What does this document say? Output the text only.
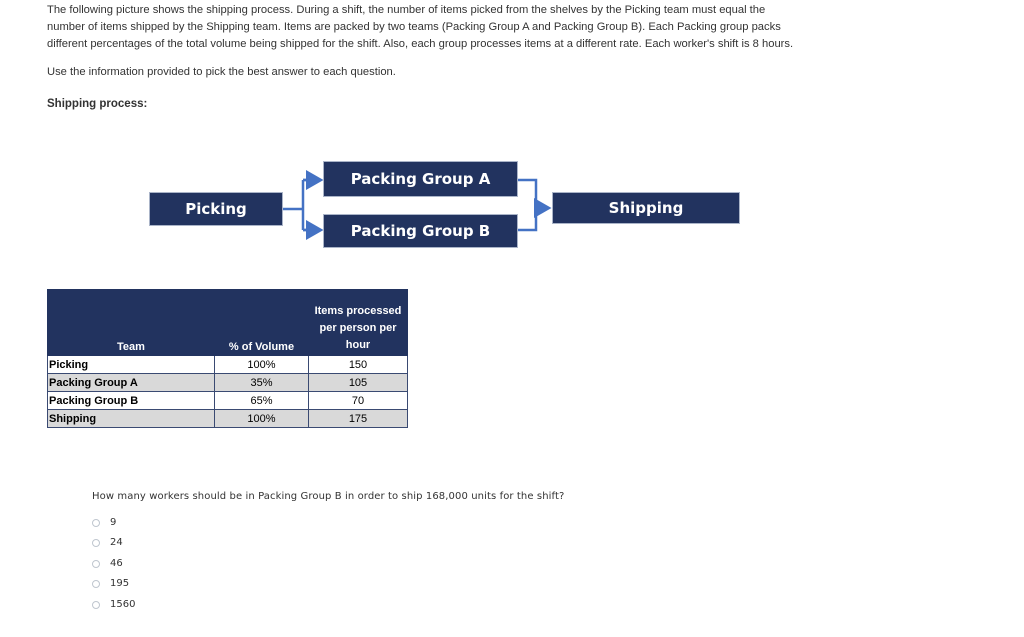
The following picture shows the shipping process. During a shift, the number of items picked from the shelves by the Picking team must equal the
number of items shipped by the Shipping team. Items are packed by two teams (Packing Group A and Packing Group B). Each Packing group packs
different percentages of the total volume being shipped for the shift. Also, each group processes items at a different rate. Each worker's shift is 8 hours.

Use the information provided to pick the best answer to each question.

Shipping process:

Picking
Packing Group A
Packing Group B
Shipping
Team	% of Volume	Items processed
per person per
hour
Picking	100%	150
Packing Group A	35%	105
Packing Group B	65%	70
Shipping	100%	175

How many workers should be in Packing Group B in order to ship 168,000 units for the shift?

9
24
46
195
1560
